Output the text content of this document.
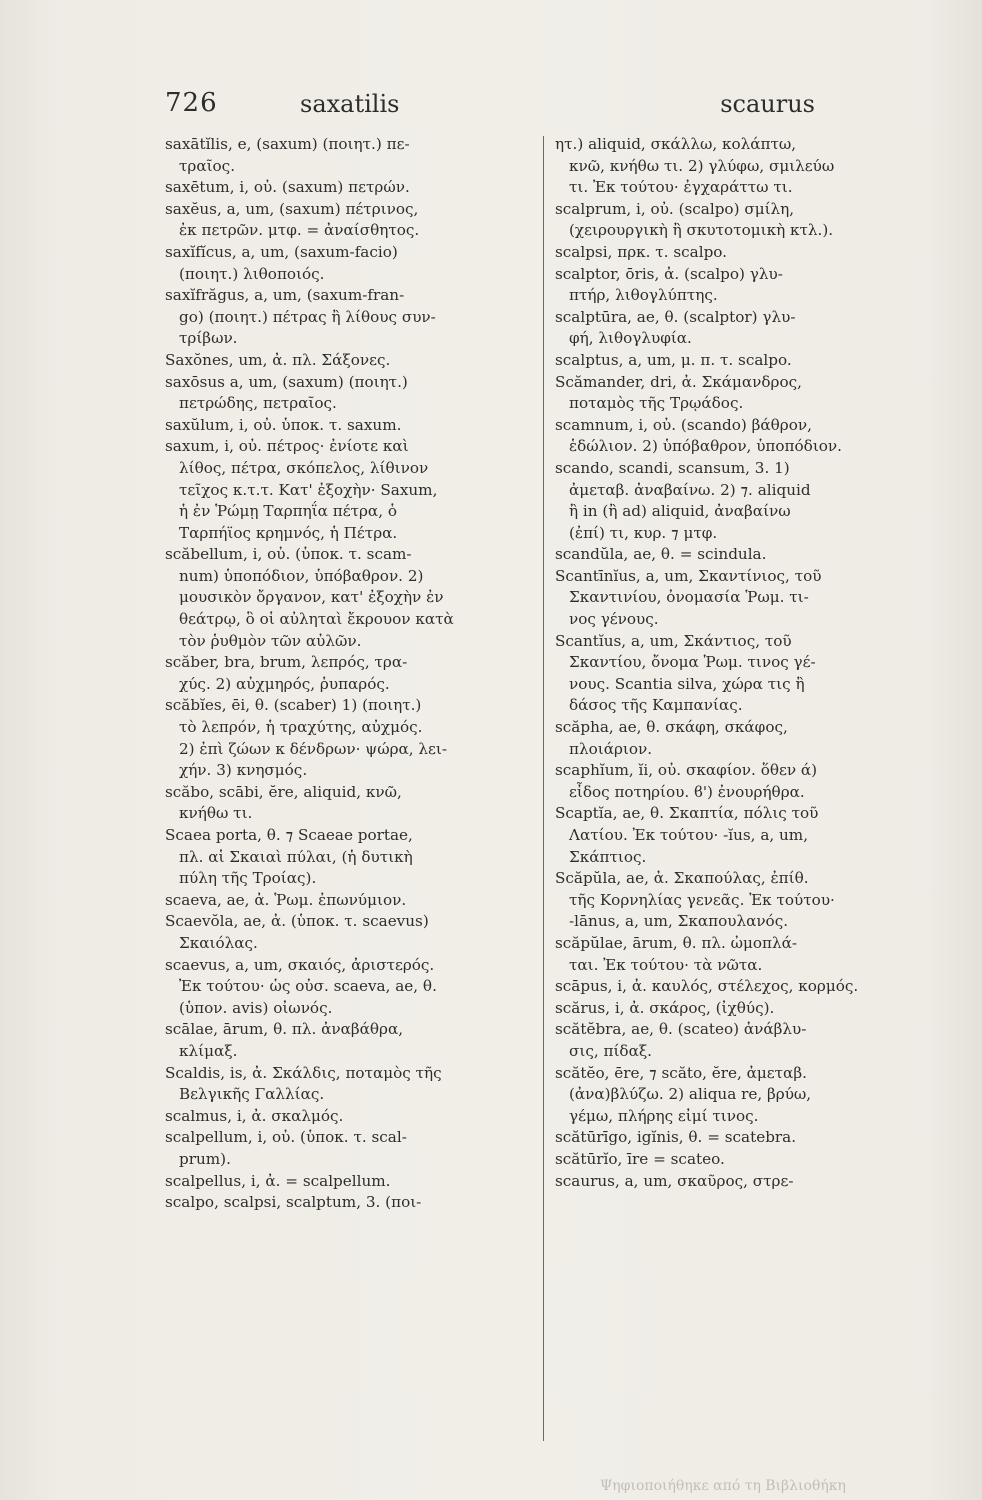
726	saxatilis	scaurus
saxātĭlis, e, (saxum) (ποιητ.) πε-
τραῖος.
saxētum, i, οὐ. (saxum) πετρών.
saxĕus, a, um, (saxum) πέτρινος,
ἐκ πετρῶν. μτφ. = ἀναίσθητος.
saxĭfĭcus, a, um, (saxum-facio)
(ποιητ.) λιθοποιός.
saxĭfrăgus, a, um, (saxum-fran-
go) (ποιητ.) πέτρας ἢ λίθους συν-
τρίβων.
Saxŏnes, um, ἀ. πλ. Σάξονες.
saxōsus a, um, (saxum) (ποιητ.)
πετρώδης, πετραῖος.
saxŭlum, i, οὐ. ὑποκ. τ. saxum.
saxum, i, οὐ. πέτρος· ἐνίοτε καὶ
λίθος, πέτρα, σκόπελος, λίθινον
τεῖχος κ.τ.τ. Κατ' ἐξοχὴν· Saxum,
ἡ ἐν Ῥώμῃ Ταρπηΐα πέτρα, ὁ
Ταρπήϊος κρημνός, ἡ Πέτρα.
scăbellum, i, οὐ. (ὑποκ. τ. scam-
num) ὑποπόδιον, ὑπόβαθρον. 2)
μουσικὸν ὄργανον, κατ' ἐξοχὴν ἐν
θεάτρῳ, ὃ οἱ αὐληταὶ ἔκρουον κατὰ
τὸν ῥυθμὸν τῶν αὐλῶν.
scăber, bra, brum, λεπρός, τρα-
χύς. 2) αὐχμηρός, ῥυπαρός.
scăbĭes, ēi, θ. (scaber) 1) (ποιητ.)
τὸ λεπρόν, ἡ τραχύτης, αὐχμός.
2) ἐπὶ ζώων κ δένδρων· ψώρα, λει-
χήν. 3) κνησμός.
scăbo, scābi, ĕre, aliquid, κνῶ,
κνήθω τι.
Scaea porta, θ. ⁊ Scaeae portae,
πλ. αἱ Σκαιαὶ πύλαι, (ἡ δυτικὴ
πύλη τῆς Τροίας).
scaeva, ae, ἀ. Ῥωμ. ἐπωνύμιον.
Scaevŏla, ae, ἀ. (ὑποκ. τ. scaevus)
Σκαιόλας.
scaevus, a, um, σκαιός, ἀριστερός.
Ἐκ τούτου· ὡς οὐσ. scaeva, ae, θ.
(ὑπον. avis) οἰωνός.
scālae, ārum, θ. πλ. ἀναβάθρα,
κλίμαξ.
Scaldis, is, ἀ. Σκάλδις, ποταμὸς τῆς
Βελγικῆς Γαλλίας.
scalmus, i, ἀ. σκαλμός.
scalpellum, i, οὐ. (ὑποκ. τ. scal-
prum).
scalpellus, i, ἀ. = scalpellum.
scalpo, scalpsi, scalptum, 3. (ποι-
ητ.) aliquid, σκάλλω, κολάπτω,
κνῶ, κνήθω τι. 2) γλύφω, σμιλεύω
τι. Ἐκ τούτου· ἐγχαράττω τι.
scalprum, i, οὐ. (scalpo) σμίλη,
(χειρουργικὴ ἢ σκυτοτομικὴ κτλ.).
scalpsi, πρκ. τ. scalpo.
scalptor, ōris, ἀ. (scalpo) γλυ-
πτήρ, λιθογλύπτης.
scalptūra, ae, θ. (scalptor) γλυ-
φή, λιθογλυφία.
scalptus, a, um, μ. π. τ. scalpo.
Scămander, dri, ἀ. Σκάμανδρος,
ποταμὸς τῆς Τρῳάδος.
scamnum, i, οὐ. (scando) βάθρον,
ἑδώλιον. 2) ὑπόβαθρον, ὑποπόδιον.
scando, scandi, scansum, 3. 1)
ἀμεταβ. ἀναβαίνω. 2) ⁊. aliquid
ἢ in (ἢ ad) aliquid, ἀναβαίνω
(ἐπί) τι, κυρ. ⁊ μτφ.
scandŭla, ae, θ. = scindula.
Scantīnĭus, a, um, Σκαντίνιος, τοῦ
Σκαντινίου, ὀνομασία Ῥωμ. τι-
νος γένους.
Scantĭus, a, um, Σκάντιος, τοῦ
Σκαντίου, ὄνομα Ῥωμ. τινος γέ-
νους. Scantia silva, χώρα τις ἢ
δάσος τῆς Καμπανίας.
scăpha, ae, θ. σκάφη, σκάφος,
πλοιάριον.
scaphĭum, ĭi, οὐ. σκαφίον. ὅθεν ά)
εἶδος ποτηρίου. ϐ') ἐνουρήθρα.
Scaptĭa, ae, θ. Σκαπτία, πόλις τοῦ
Λατίου. Ἐκ τούτου· -ĭus, a, um,
Σκάπτιος.
Scăpŭla, ae, ἀ. Σκαπούλας, ἐπίθ.
τῆς Κορνηλίας γενεᾶς. Ἐκ τούτου·
-lānus, a, um, Σκαπουλανός.
scăpŭlae, ārum, θ. πλ. ὠμοπλά-
ται. Ἐκ τούτου· τὰ νῶτα.
scāpus, i, ἀ. καυλός, στέλεχος, κορμός.
scărus, i, ἀ. σκάρος, (ἰχθύς).
scătĕbra, ae, θ. (scateo) ἀνάβλυ-
σις, πίδαξ.
scătĕo, ēre, ⁊ scăto, ĕre, ἀμεταβ.
(ἀνα)βλύζω. 2) aliqua re, βρύω,
γέμω, πλήρης εἰμί τινος.
scătūrīgo, igĭnis, θ. = scatebra.
scătūrĭo, īre = scateo.
scaurus, a, um, σκαῦρος, στρε-
Ψηφιοποιήθηκε από τη Βιβλιοθήκη
